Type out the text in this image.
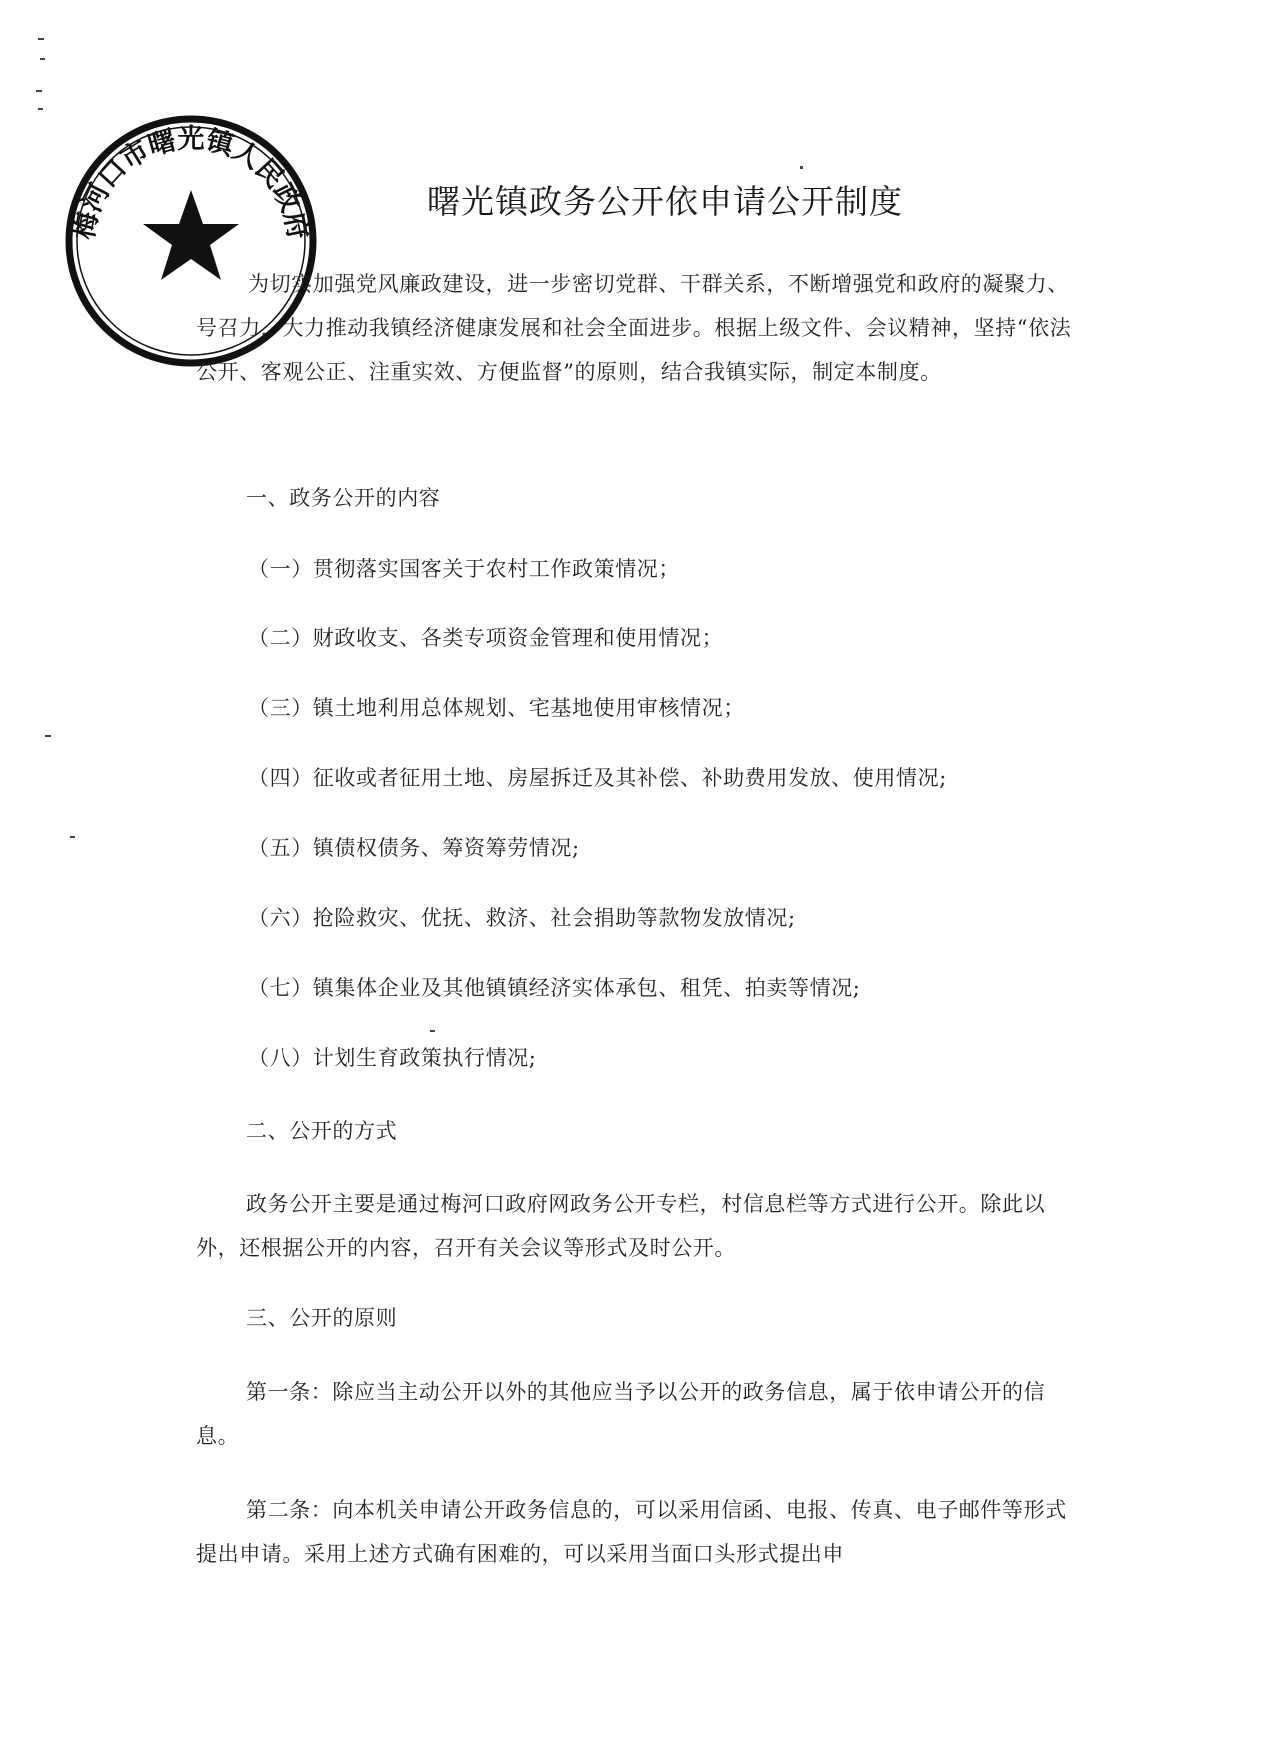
梅河口市曙光镇人民政府
曙光镇政务公开依申请公开制度
为切实加强党风廉政建设，进一步密切党群、干群关系，不断增强党和政府的凝聚力、号召力，大力推动我镇经济健康发展和社会全面进步。根据上级文件、会议精神，坚持“依法公开、客观公正、注重实效、方便监督”的原则，结合我镇实际，制定本制度。
一、政务公开的内容
（一）贯彻落实国客关于农村工作政策情况；
（二）财政收支、各类专项资金管理和使用情况；
（三）镇土地利用总体规划、宅基地使用审核情况；
（四）征收或者征用土地、房屋拆迁及其补偿、补助费用发放、使用情况;
（五）镇债权债务、筹资筹劳情况;
（六）抢险救灾、优抚、救济、社会捐助等款物发放情况;
（七）镇集体企业及其他镇镇经济实体承包、租凭、拍卖等情况;
（八）计划生育政策执行情况;
二、公开的方式
政务公开主要是通过梅河口政府网政务公开专栏，村信息栏等方式进行公开。除此以外，还根据公开的内容，召开有关会议等形式及时公开。
三、公开的原则
第一条：除应当主动公开以外的其他应当予以公开的政务信息，属于依申请公开的信息。
第二条：向本机关申请公开政务信息的，可以采用信函、电报、传真、电子邮件等形式提出申请。采用上述方式确有困难的，可以采用当面口头形式提出申
